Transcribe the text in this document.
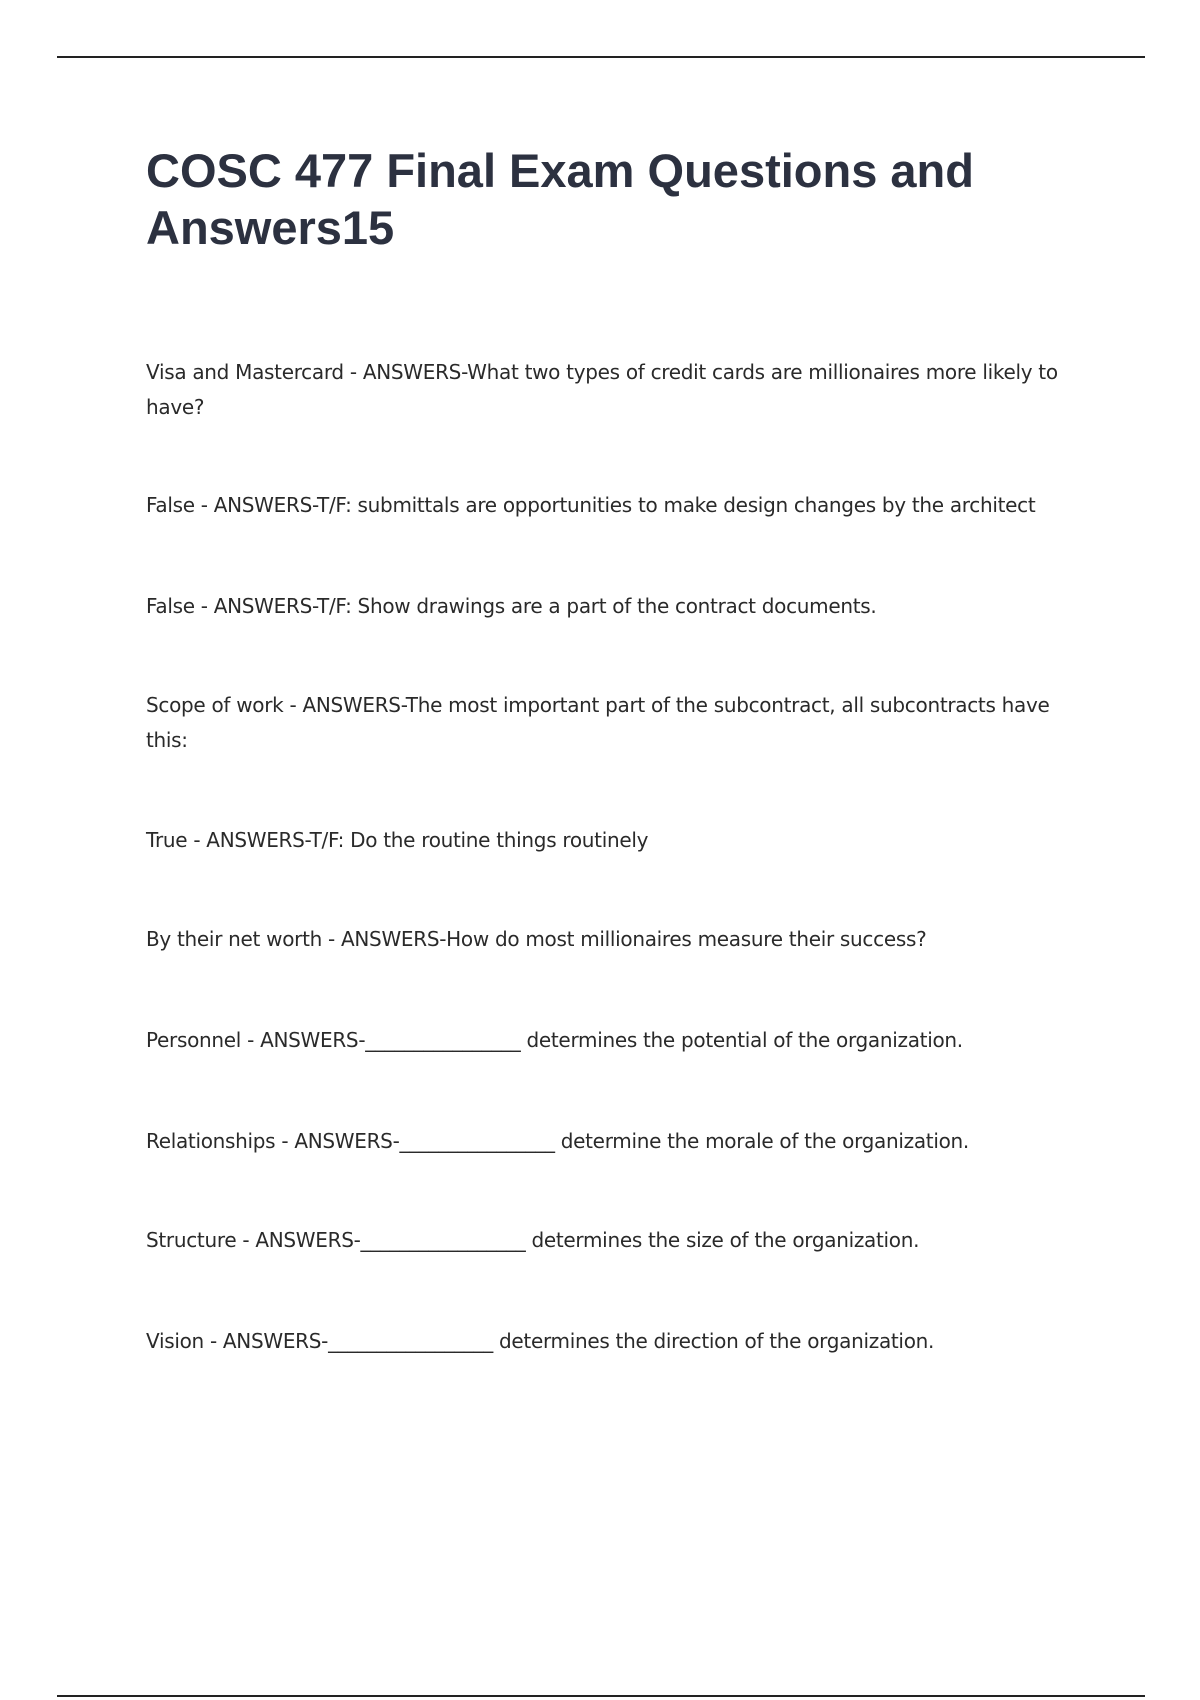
COSC 477 Final Exam Questions and Answers15

Visa and Mastercard - ANSWERS-What two types of credit cards are millionaires more likely to have?

False - ANSWERS-T/F: submittals are opportunities to make design changes by the architect

False - ANSWERS-T/F: Show drawings are a part of the contract documents.

Scope of work - ANSWERS-The most important part of the subcontract, all subcontracts have this:

True - ANSWERS-T/F: Do the routine things routinely

By their net worth - ANSWERS-How do most millionaires measure their success?

Personnel - ANSWERS-________________ determines the potential of the organization.

Relationships - ANSWERS-________________ determine the morale of the organization.

Structure - ANSWERS-_________________ determines the size of the organization.

Vision - ANSWERS-_________________ determines the direction of the organization.
